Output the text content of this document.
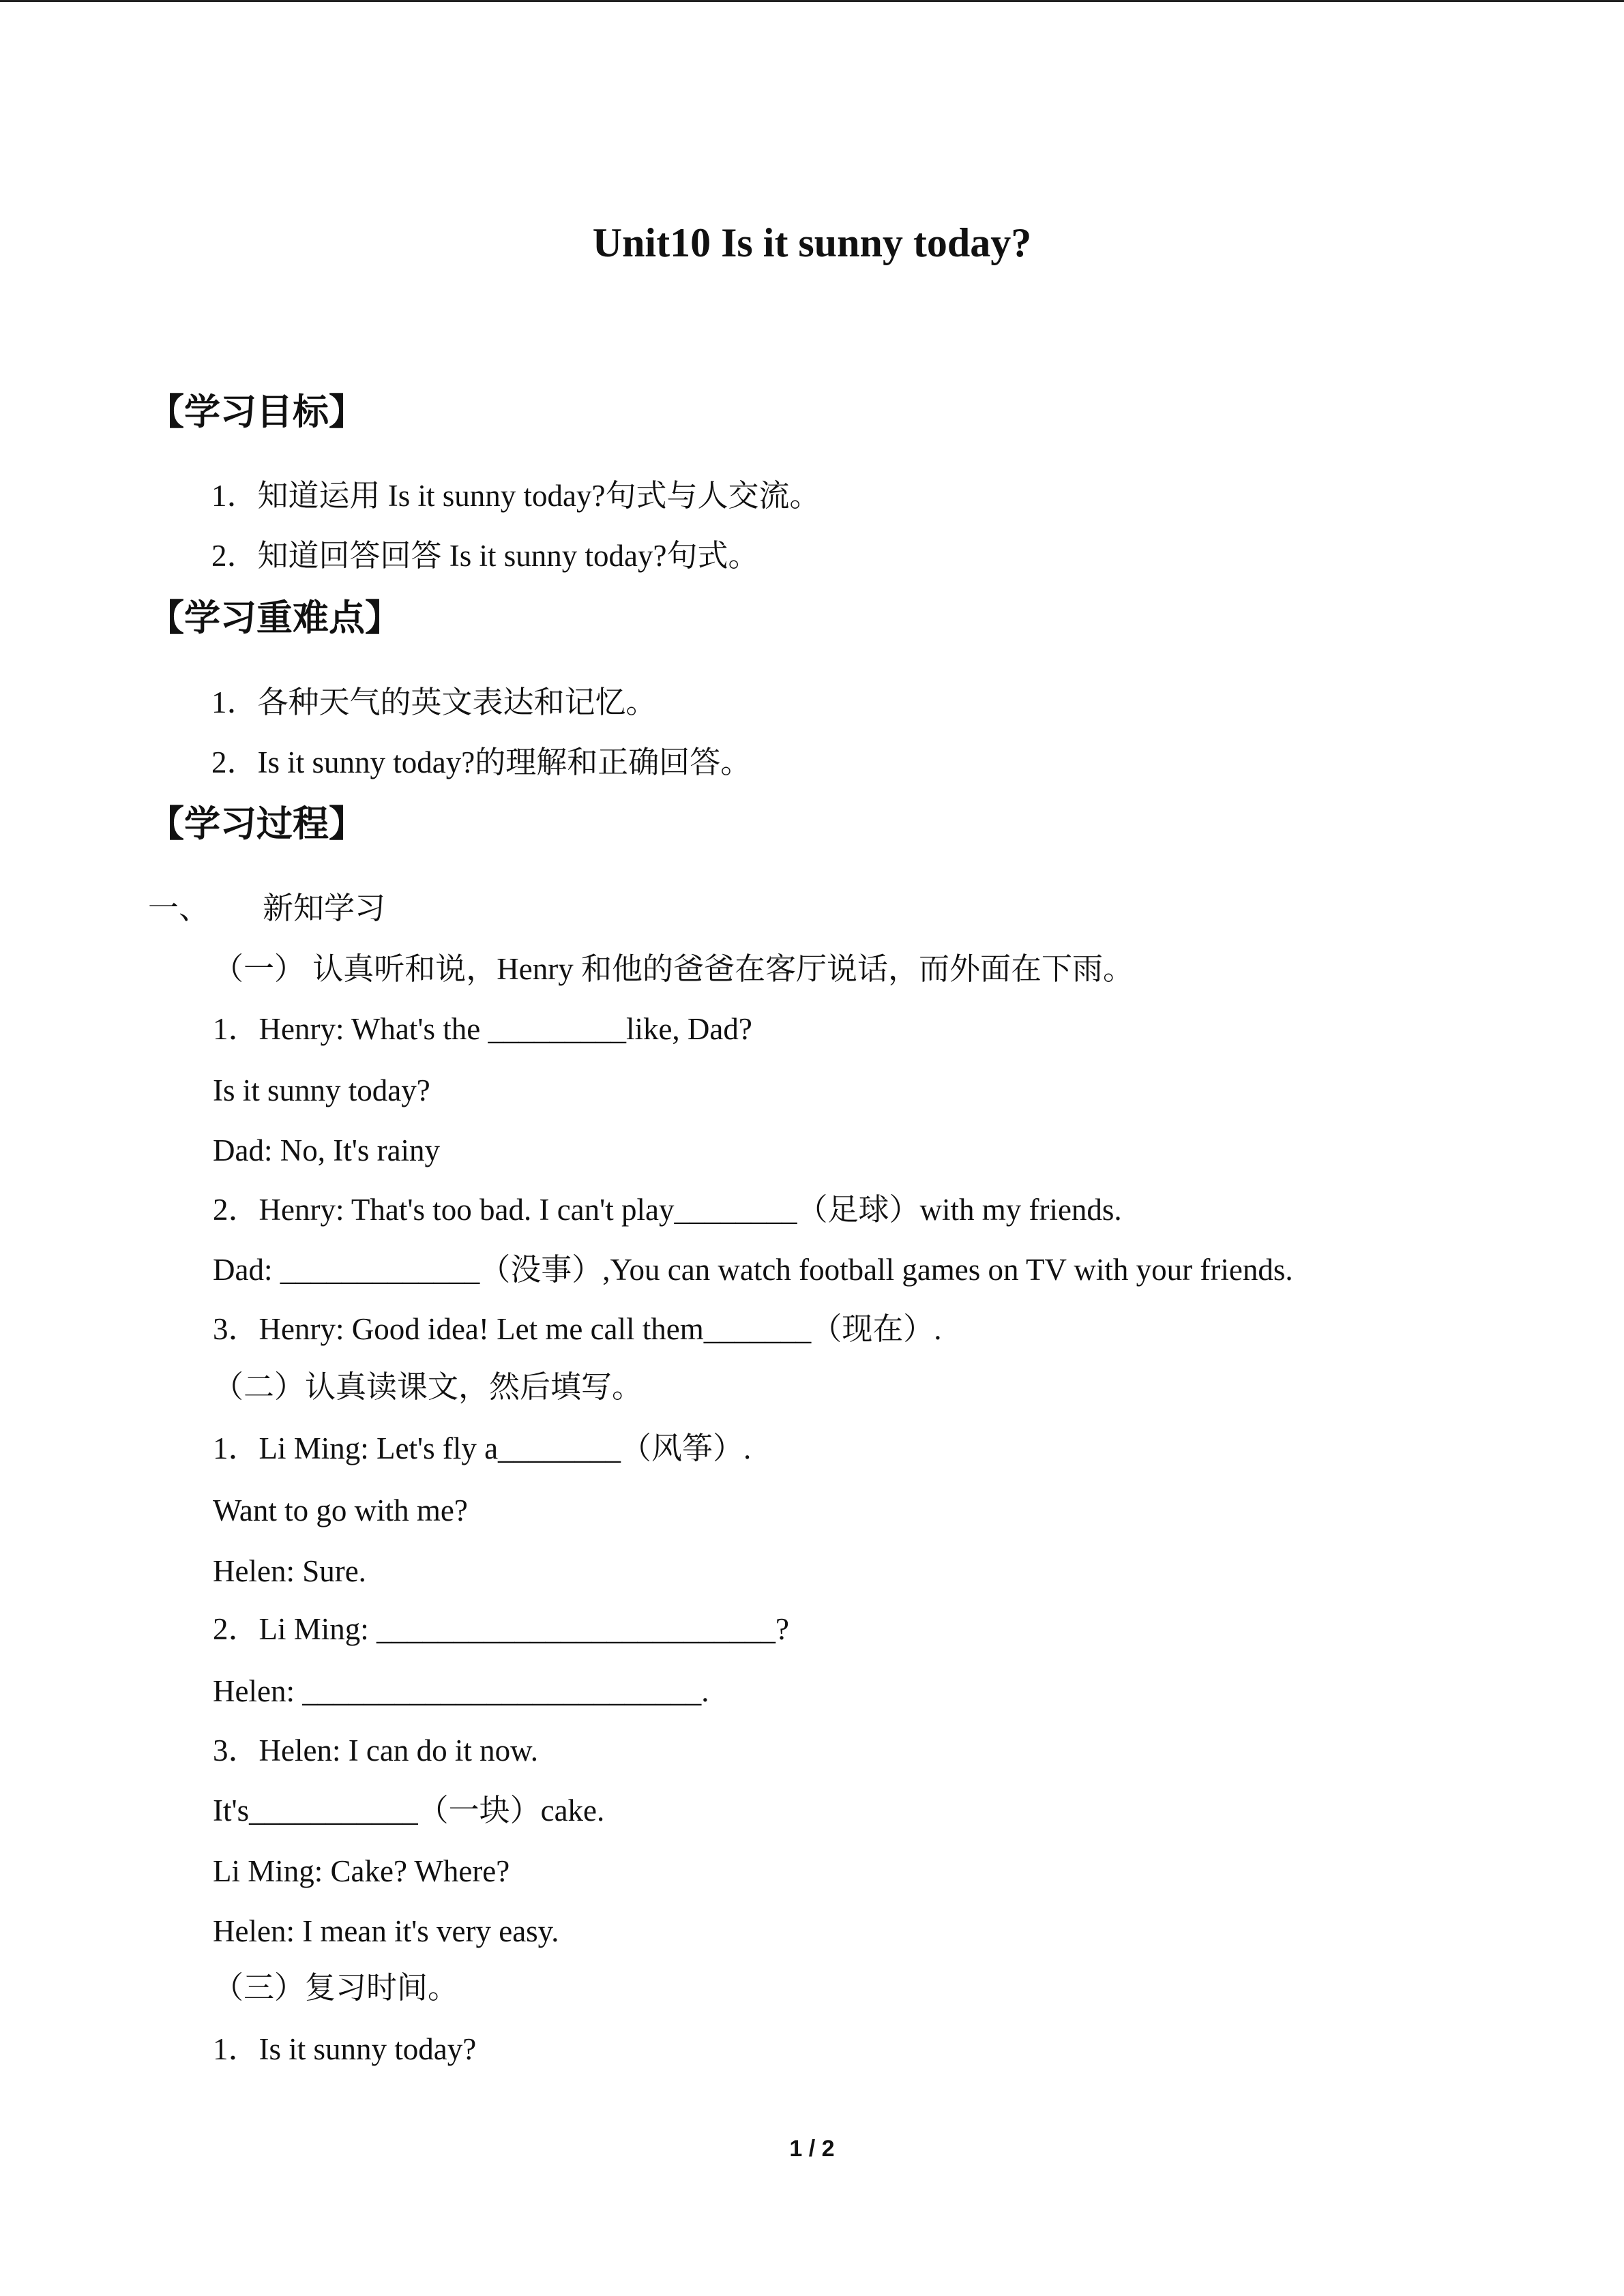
Unit10 Is it sunny today?
【学习目标】
1．知道运用 Is it sunny today?句式与人交流。
2．知道回答回答 Is it sunny today?句式。
【学习重难点】
1．各种天气的英文表达和记忆。
2．Is it sunny today?的理解和正确回答。
【学习过程】
一、 新知学习
（一） 认真听和说，Henry 和他的爸爸在客厅说话，而外面在下雨。
1．Henry: What's the _________like, Dad?
Is it sunny today?
Dad: No, It's rainy
2．Henry: That's too bad. I can't play________（足球）with my friends.
Dad: _____________（没事）,You can watch football games on TV with your friends.
3．Henry: Good idea! Let me call them_______（现在）.
（二）认真读课文，然后填写。
1．Li Ming: Let's fly a________（风筝）.
Want to go with me?
Helen: Sure.
2．Li Ming: __________________________?
Helen: __________________________.
3．Helen: I can do it now.
It's___________（一块）cake.
Li Ming: Cake? Where?
Helen: I mean it's very easy.
（三）复习时间。
1．Is it sunny today?
1 / 2
